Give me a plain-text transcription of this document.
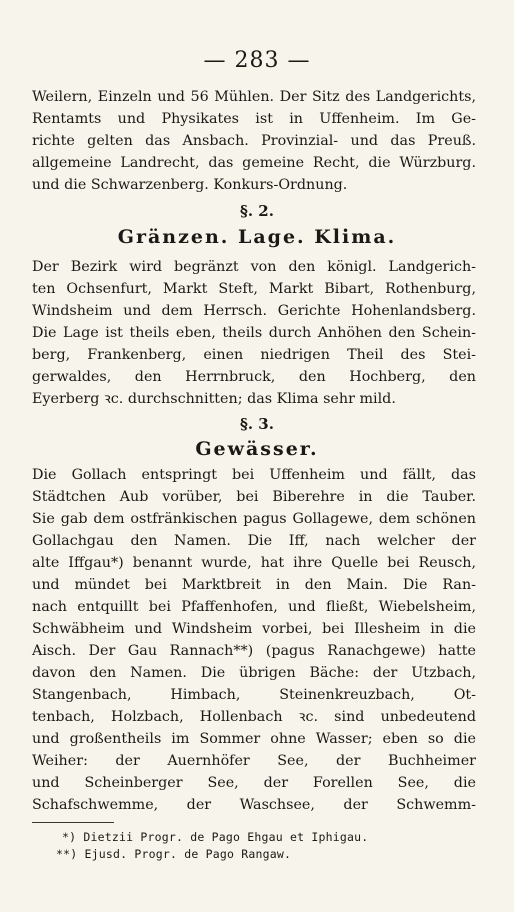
— 283 —
Weilern, Einzeln und 56 Mühlen. Der Sitz des Landgerichts,
Rentamts und Physikates ist in Uffenheim. Im Ge-
richte gelten das Ansbach. Provinzial- und das Preuß.
allgemeine Landrecht, das gemeine Recht, die Würzburg.
und die Schwarzenberg. Konkurs-Ordnung.
§. 2.
Gränzen. Lage. Klima.
Der Bezirk wird begränzt von den königl. Landgerich-
ten Ochsenfurt, Markt Steft, Markt Bibart, Rothenburg,
Windsheim und dem Herrsch. Gerichte Hohenlandsberg.
Die Lage ist theils eben, theils durch Anhöhen den Schein-
berg, Frankenberg, einen niedrigen Theil des Stei-
gerwaldes, den Herrnbruck, den Hochberg, den
Eyerberg ꝛc. durchschnitten; das Klima sehr mild.
§. 3.
Gewässer.
Die Gollach entspringt bei Uffenheim und fällt, das
Städtchen Aub vorüber, bei Biberehre in die Tauber.
Sie gab dem ostfränkischen pagus Gollagewe, dem schönen
Gollachgau den Namen. Die Iff, nach welcher der
alte Iffgau*) benannt wurde, hat ihre Quelle bei Reusch,
und mündet bei Marktbreit in den Main. Die Ran-
nach entquillt bei Pfaffenhofen, und fließt, Wiebelsheim,
Schwäbheim und Windsheim vorbei, bei Illesheim in die
Aisch. Der Gau Rannach**) (pagus Ranachgewe) hatte
davon den Namen. Die übrigen Bäche: der Utzbach,
Stangenbach, Himbach, Steinenkreuzbach, Ot-
tenbach, Holzbach, Hollenbach ꝛc. sind unbedeutend
und großentheils im Sommer ohne Wasser; eben so die
Weiher: der Auernhöfer See, der Buchheimer
und Scheinberger See, der Forellen See, die
Schafschwemme, der Waschsee, der Schwemm-
*) Dietzii Progr. de Pago Ehgau et Iphigau.
**) Ejusd. Progr. de Pago Rangaw.
